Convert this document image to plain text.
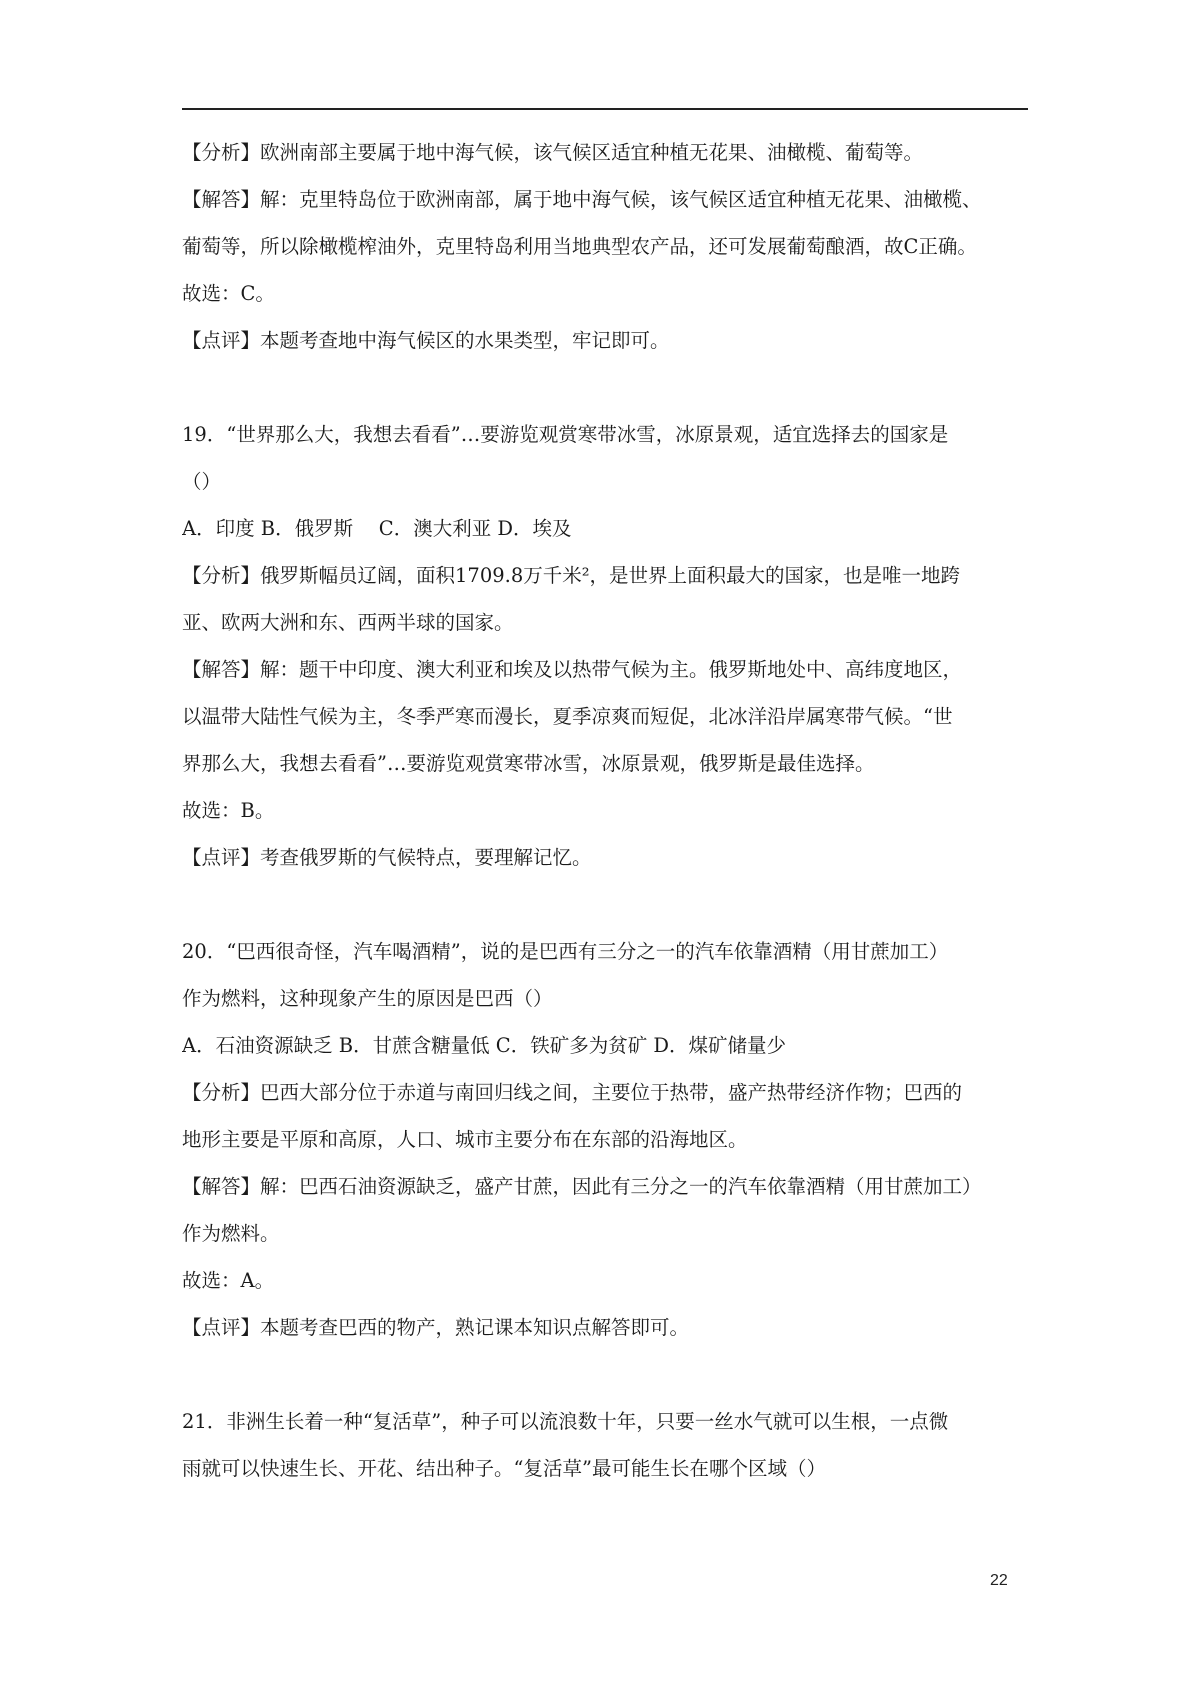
【分析】欧洲南部主要属于地中海气候，该气候区适宜种植无花果、油橄榄、葡萄等。
【解答】解：克里特岛位于欧洲南部，属于地中海气候，该气候区适宜种植无花果、油橄榄、
葡萄等，所以除橄榄榨油外，克里特岛利用当地典型农产品，还可发展葡萄酿酒，故C正确。
故选：C。
【点评】本题考查地中海气候区的水果类型，牢记即可。
19．“世界那么大，我想去看看”…要游览观赏寒带冰雪，冰原景观，适宜选择去的国家是
（）
A．印度 B．俄罗斯　 C．澳大利亚 D．埃及
【分析】俄罗斯幅员辽阔，面积1709.8万千米²，是世界上面积最大的国家，也是唯一地跨
亚、欧两大洲和东、西两半球的国家。
【解答】解：题干中印度、澳大利亚和埃及以热带气候为主。俄罗斯地处中、高纬度地区，
以温带大陆性气候为主，冬季严寒而漫长，夏季凉爽而短促，北冰洋沿岸属寒带气候。“世
界那么大，我想去看看”…要游览观赏寒带冰雪，冰原景观，俄罗斯是最佳选择。
故选：B。
【点评】考查俄罗斯的气候特点，要理解记忆。
20．“巴西很奇怪，汽车喝酒精”，说的是巴西有三分之一的汽车依靠酒精（用甘蔗加工）
作为燃料，这种现象产生的原因是巴西（）
A．石油资源缺乏 B．甘蔗含糖量低 C．铁矿多为贫矿 D．煤矿储量少
【分析】巴西大部分位于赤道与南回归线之间，主要位于热带，盛产热带经济作物；巴西的
地形主要是平原和高原，人口、城市主要分布在东部的沿海地区。
【解答】解：巴西石油资源缺乏，盛产甘蔗，因此有三分之一的汽车依靠酒精（用甘蔗加工）
作为燃料。
故选：A。
【点评】本题考查巴西的物产，熟记课本知识点解答即可。
21．非洲生长着一种“复活草”，种子可以流浪数十年，只要一丝水气就可以生根，一点微
雨就可以快速生长、开花、结出种子。“复活草”最可能生长在哪个区域（）
22
